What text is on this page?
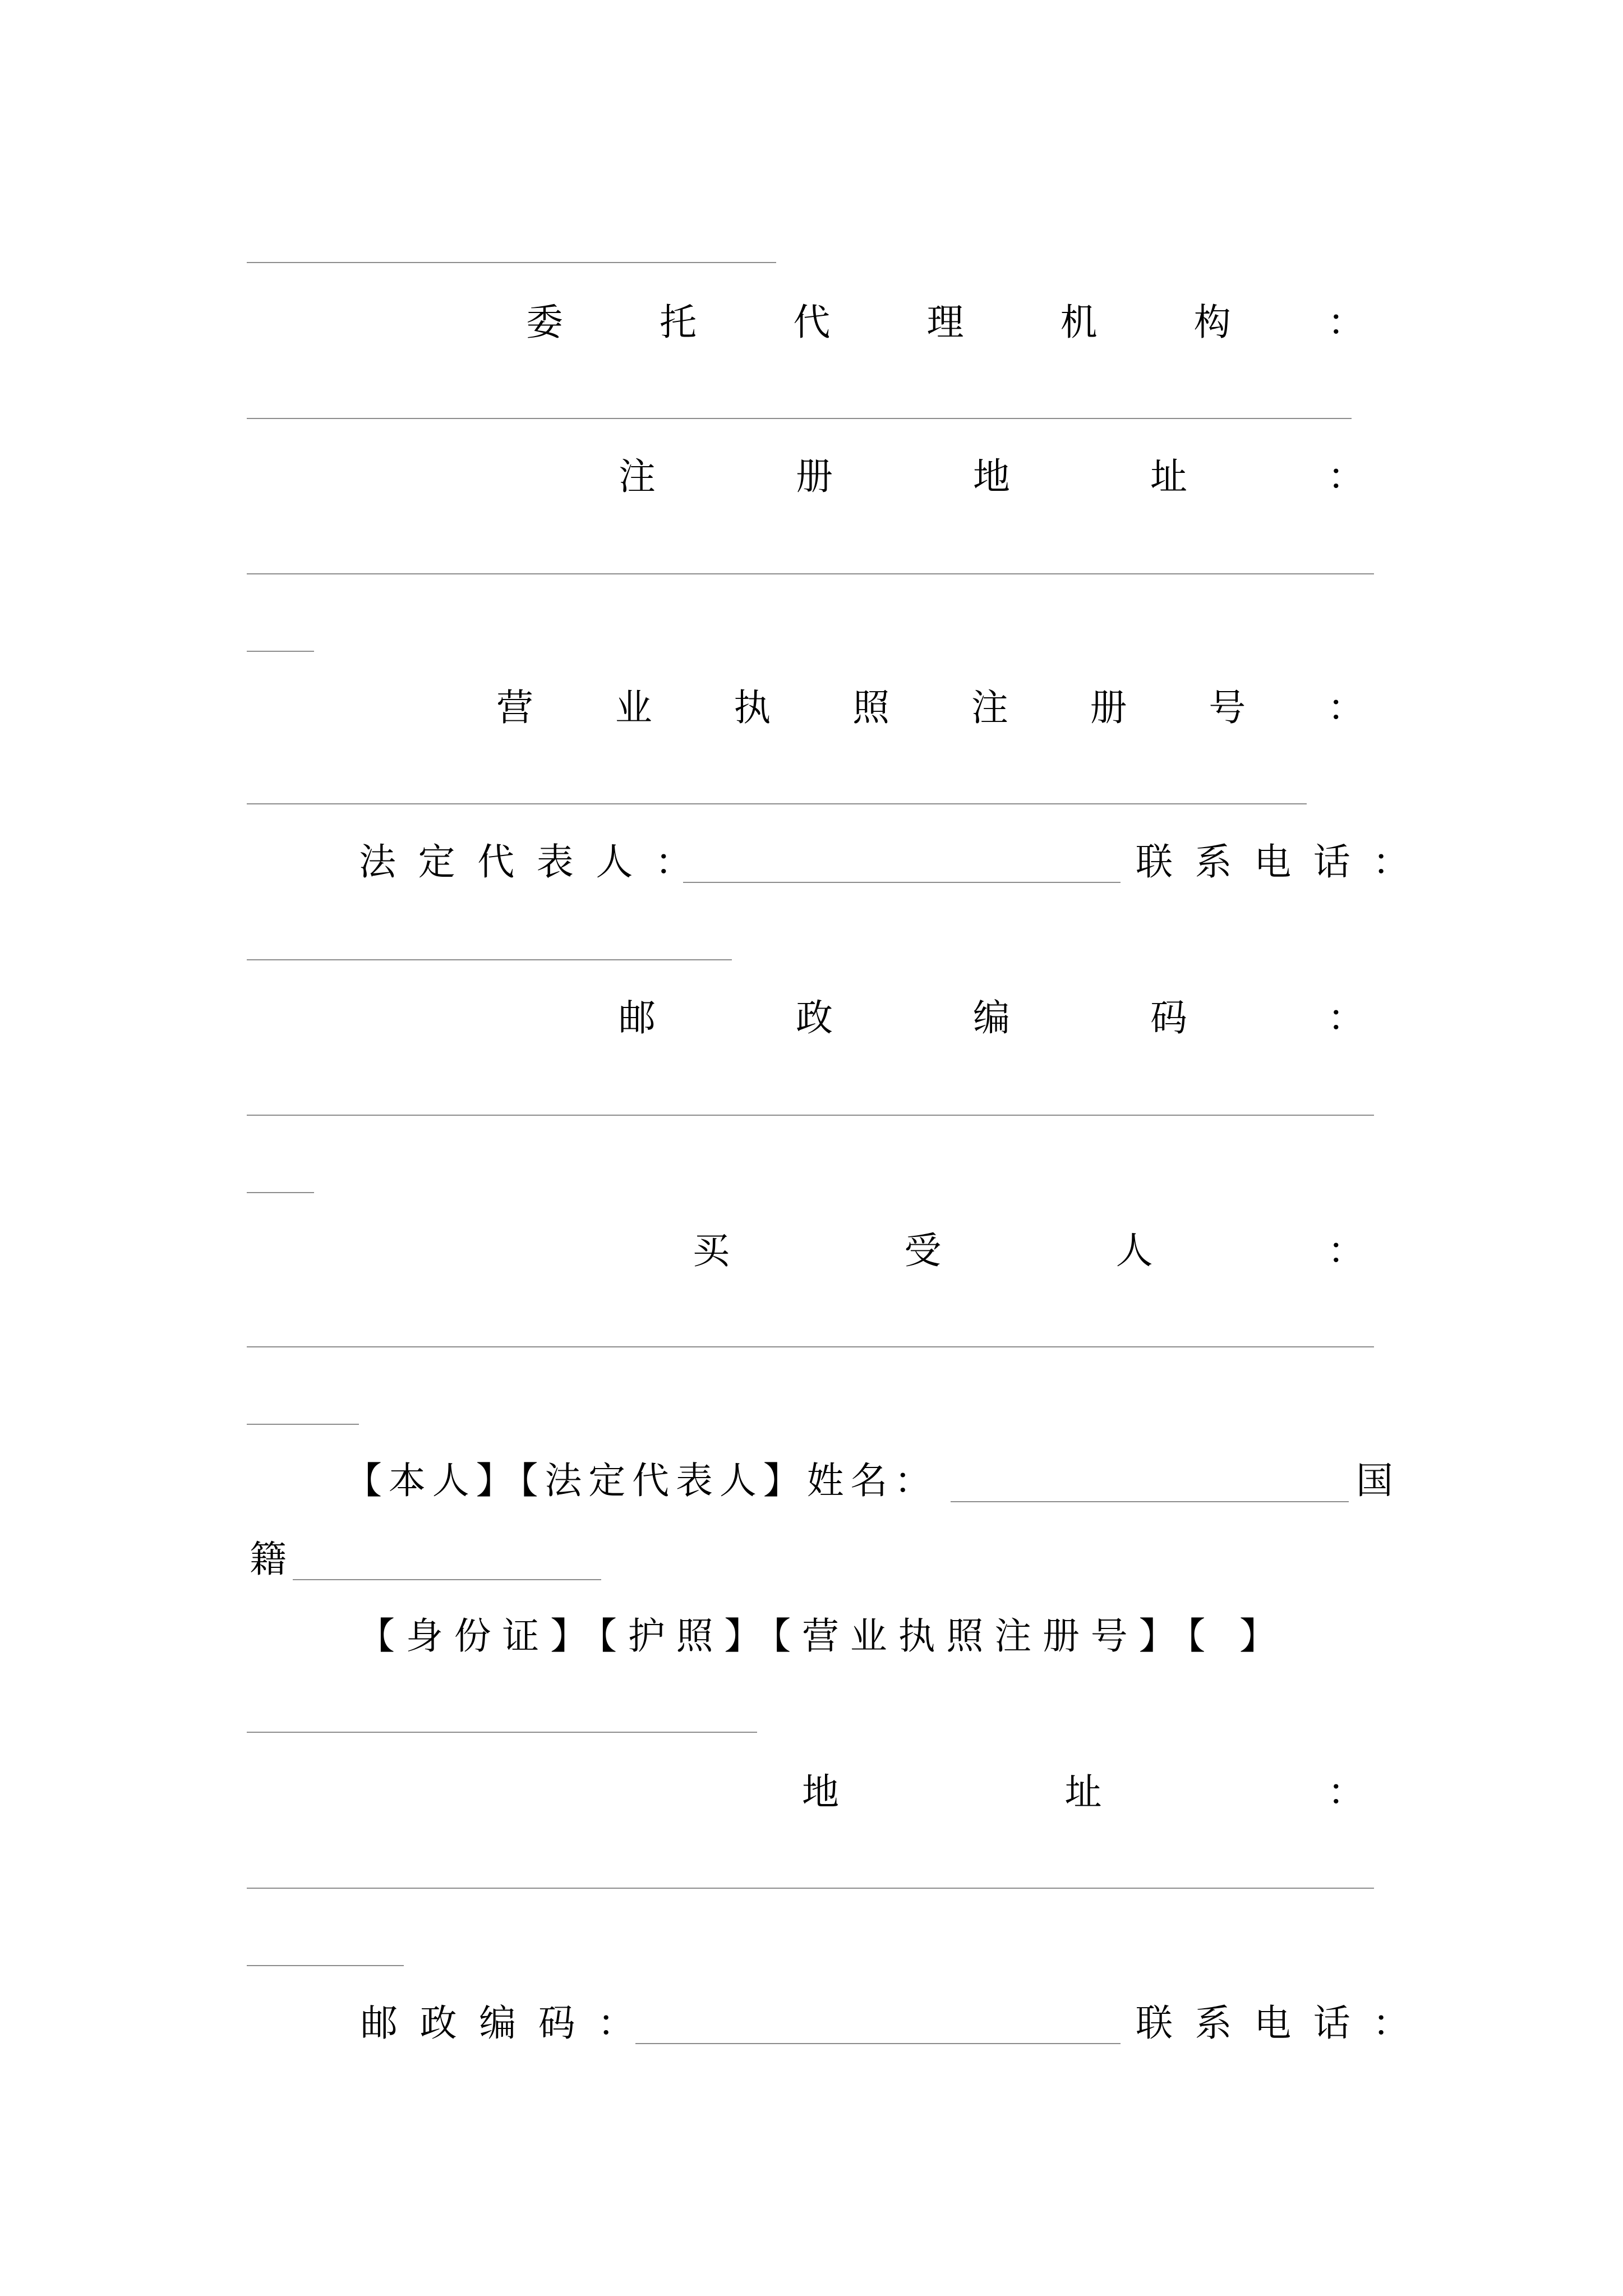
委	托	代	理	机	构	：
注	册	地	址	：
营 业 执 照 注 册 号 ：
法定代表人：	联系电话：
邮	政	编	码	：
买	受	人	：
【本人】【法定代表人】姓名：	国
籍
【身份证】【护照】【营业执照注册号】【 】
地	址	：
邮政编码：	联系电话：
